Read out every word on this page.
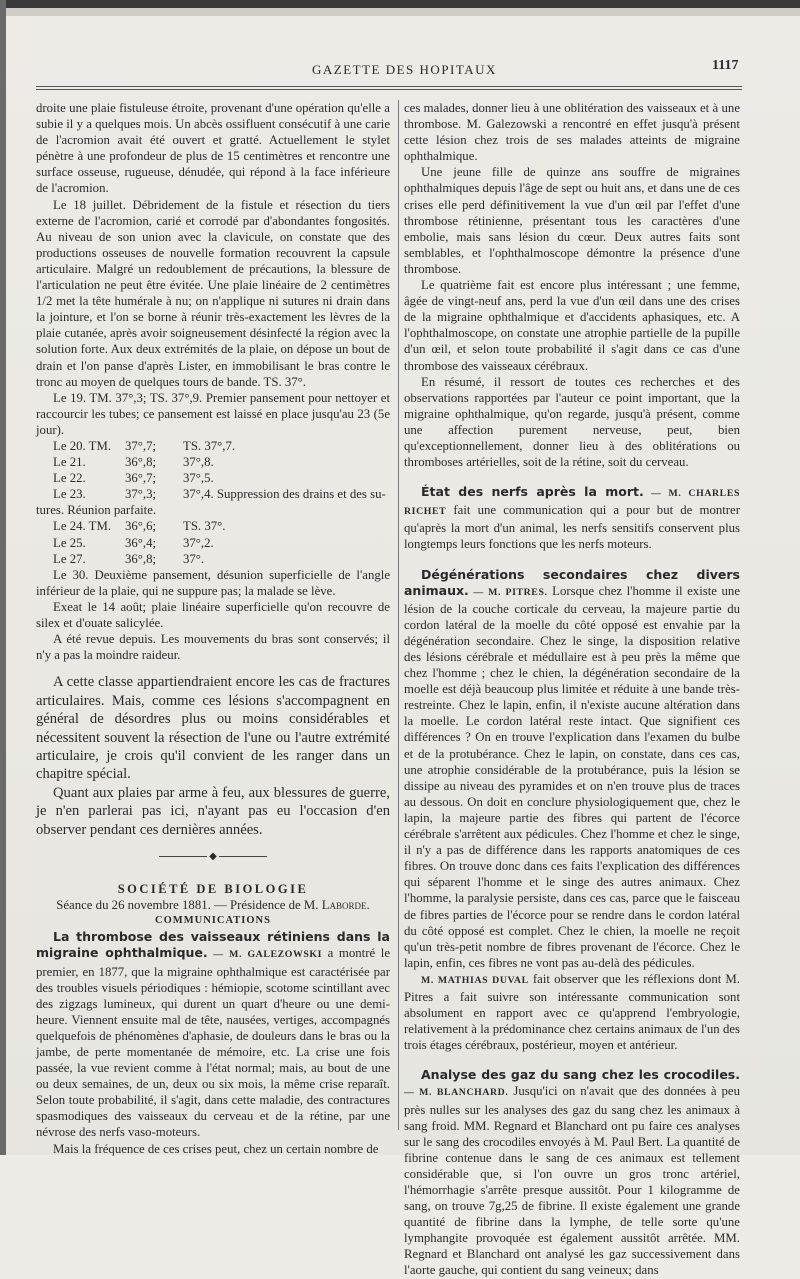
GAZETTE DES HOPITAUX	1117

droite une plaie fistuleuse étroite, provenant d'une opération qu'elle a subie il y a quelques mois. Un abcès ossifluent consécutif à une carie de l'acromion avait été ouvert et gratté. Actuellement le stylet pénètre à une profondeur de plus de 15 centimètres et rencontre une surface osseuse, rugueuse, dénudée, qui répond à la face inférieure de l'acromion.

Le 18 juillet. Débridement de la fistule et résection du tiers externe de l'acromion, carié et corrodé par d'abondantes fongosités. Au niveau de son union avec la clavicule, on constate que des productions osseuses de nouvelle formation recouvrent la capsule articulaire. Malgré un redoublement de précautions, la blessure de l'articulation ne peut être évitée. Une plaie linéaire de 2 centimètres 1/2 met la tête humérale à nu; on n'applique ni sutures ni drain dans la jointure, et l'on se borne à réunir très-exactement les lèvres de la plaie cutanée, après avoir soigneusement désinfecté la région avec la solution forte. Aux deux extrémités de la plaie, on dépose un bout de drain et l'on panse d'après Lister, en immobilisant le bras contre le tronc au moyen de quelques tours de bande. TS. 37°.

Le 19. TM. 37°,3; TS. 37°,9. Premier pansement pour nettoyer et raccourcir les tubes; ce pansement est laissé en place jusqu'au 23 (5e jour).

Le 20. TM.	37°,7;	TS. 37°,7.
Le 21.	36°,8;	37°,8.
Le 22.	36°,7;	37°,5.
Le 23.	37°,3;	37°,4. Suppression des drains et des su-

tures. Réunion parfaite.

Le 24. TM.	36°,6;	TS. 37°.
Le 25.	36°,4;	37°,2.
Le 27.	36°,8;	37°.

Le 30. Deuxième pansement, désunion superficielle de l'angle inférieur de la plaie, qui ne suppure pas; la malade se lève.

Exeat le 14 août; plaie linéaire superficielle qu'on recouvre de silex et d'ouate salicylée.

A été revue depuis. Les mouvements du bras sont conservés; il n'y a pas la moindre raideur.

A cette classe appartiendraient encore les cas de fractures articulaires. Mais, comme ces lésions s'accompagnent en général de désordres plus ou moins considérables et nécessitent souvent la résection de l'une ou l'autre extrémité articulaire, je crois qu'il convient de les ranger dans un chapitre spécial.

Quant aux plaies par arme à feu, aux blessures de guerre, je n'en parlerai pas ici, n'ayant pas eu l'occasion d'en observer pendant ces dernières années.

◆

SOCIÉTÉ DE BIOLOGIE

Séance du 26 novembre 1881. — Présidence de M. Laborde.

COMMUNICATIONS

La thrombose des vaisseaux rétiniens dans la migraine ophthalmique. — M. GALEZOWSKI a montré le premier, en 1877, que la migraine ophthalmique est caractérisée par des troubles visuels périodiques : hémiopie, scotome scintillant avec des zigzags lumineux, qui durent un quart d'heure ou une demi-heure. Viennent ensuite mal de tête, nausées, vertiges, accompagnés quelquefois de phénomènes d'aphasie, de douleurs dans le bras ou la jambe, de perte momentanée de mémoire, etc. La crise une fois passée, la vue revient comme à l'état normal; mais, au bout de une ou deux semaines, de un, deux ou six mois, la même crise reparaît. Selon toute probabilité, il s'agit, dans cette maladie, des contractures spasmodiques des vaisseaux du cerveau et de la rétine, par une névrose des nerfs vaso-moteurs.

Mais la fréquence de ces crises peut, chez un certain nombre de

ces malades, donner lieu à une oblitération des vaisseaux et à une thrombose. M. Galezowski a rencontré en effet jusqu'à présent cette lésion chez trois de ses malades atteints de migraine ophthalmique.

Une jeune fille de quinze ans souffre de migraines ophthalmiques depuis l'âge de sept ou huit ans, et dans une de ces crises elle perd définitivement la vue d'un œil par l'effet d'une thrombose rétinienne, présentant tous les caractères d'une embolie, mais sans lésion du cœur. Deux autres faits sont semblables, et l'ophthalmoscope démontre la présence d'une thrombose.

Le quatrième fait est encore plus intéressant ; une femme, âgée de vingt-neuf ans, perd la vue d'un œil dans une des crises de la migraine ophthalmique et d'accidents aphasiques, etc. A l'ophthalmoscope, on constate une atrophie partielle de la pupille d'un œil, et selon toute probabilité il s'agit dans ce cas d'une thrombose des vaisseaux cérébraux.

En résumé, il ressort de toutes ces recherches et des observations rapportées par l'auteur ce point important, que la migraine ophthalmique, qu'on regarde, jusqu'à présent, comme une affection purement nerveuse, peut, bien qu'exceptionnellement, donner lieu à des oblitérations ou thromboses artérielles, soit de la rétine, soit du cerveau.

État des nerfs après la mort. — M. CHARLES RICHET fait une communication qui a pour but de montrer qu'après la mort d'un animal, les nerfs sensitifs conservent plus longtemps leurs fonctions que les nerfs moteurs.

Dégénérations secondaires chez divers animaux. — M. PITRES. Lorsque chez l'homme il existe une lésion de la couche corticale du cerveau, la majeure partie du cordon latéral de la moelle du côté opposé est envahie par la dégénération secondaire. Chez le singe, la disposition relative des lésions cérébrale et médullaire est à peu près la même que chez l'homme ; chez le chien, la dégénération secondaire de la moelle est déjà beaucoup plus limitée et réduite à une bande très-restreinte. Chez le lapin, enfin, il n'existe aucune altération dans la moelle. Le cordon latéral reste intact. Que signifient ces différences ? On en trouve l'explication dans l'examen du bulbe et de la protubérance. Chez le lapin, on constate, dans ces cas, une atrophie considérable de la protubérance, puis la lésion se dissipe au niveau des pyramides et on n'en trouve plus de traces au dessous. On doit en conclure physiologiquement que, chez le lapin, la majeure partie des fibres qui partent de l'écorce cérébrale s'arrêtent aux pédicules. Chez l'homme et chez le singe, il n'y a pas de différence dans les rapports anatomiques de ces fibres. On trouve donc dans ces faits l'explication des différences qui séparent l'homme et le singe des autres animaux. Chez l'homme, la paralysie persiste, dans ces cas, parce que le faisceau de fibres parties de l'écorce pour se rendre dans le cordon latéral du côté opposé est complet. Chez le chien, la moelle ne reçoit qu'un très-petit nombre de fibres provenant de l'écorce. Chez le lapin, enfin, ces fibres ne vont pas au-delà des pédicules.

M. MATHIAS DUVAL fait observer que les réflexions dont M. Pitres a fait suivre son intéressante communication sont absolument en rapport avec ce qu'apprend l'embryologie, relativement à la prédominance chez certains animaux de l'un des trois étages cérébraux, postérieur, moyen et antérieur.

Analyse des gaz du sang chez les crocodiles. — M. BLANCHARD. Jusqu'ici on n'avait que des données à peu près nulles sur les analyses des gaz du sang chez les animaux à sang froid. MM. Regnard et Blanchard ont pu faire ces analyses sur le sang des crocodiles envoyés à M. Paul Bert. La quantité de fibrine contenue dans le sang de ces animaux est tellement considérable que, si l'on ouvre un gros tronc artériel, l'hémorrhagie s'arrête presque aussitôt. Pour 1 kilogramme de sang, on trouve 7g,25 de fibrine. Il existe également une grande quantité de fibrine dans la lymphe, de telle sorte qu'une lymphangite provoquée est également aussitôt arrêtée. MM. Regnard et Blanchard ont analysé les gaz successivement dans l'aorte gauche, qui contient du sang veineux; dans
